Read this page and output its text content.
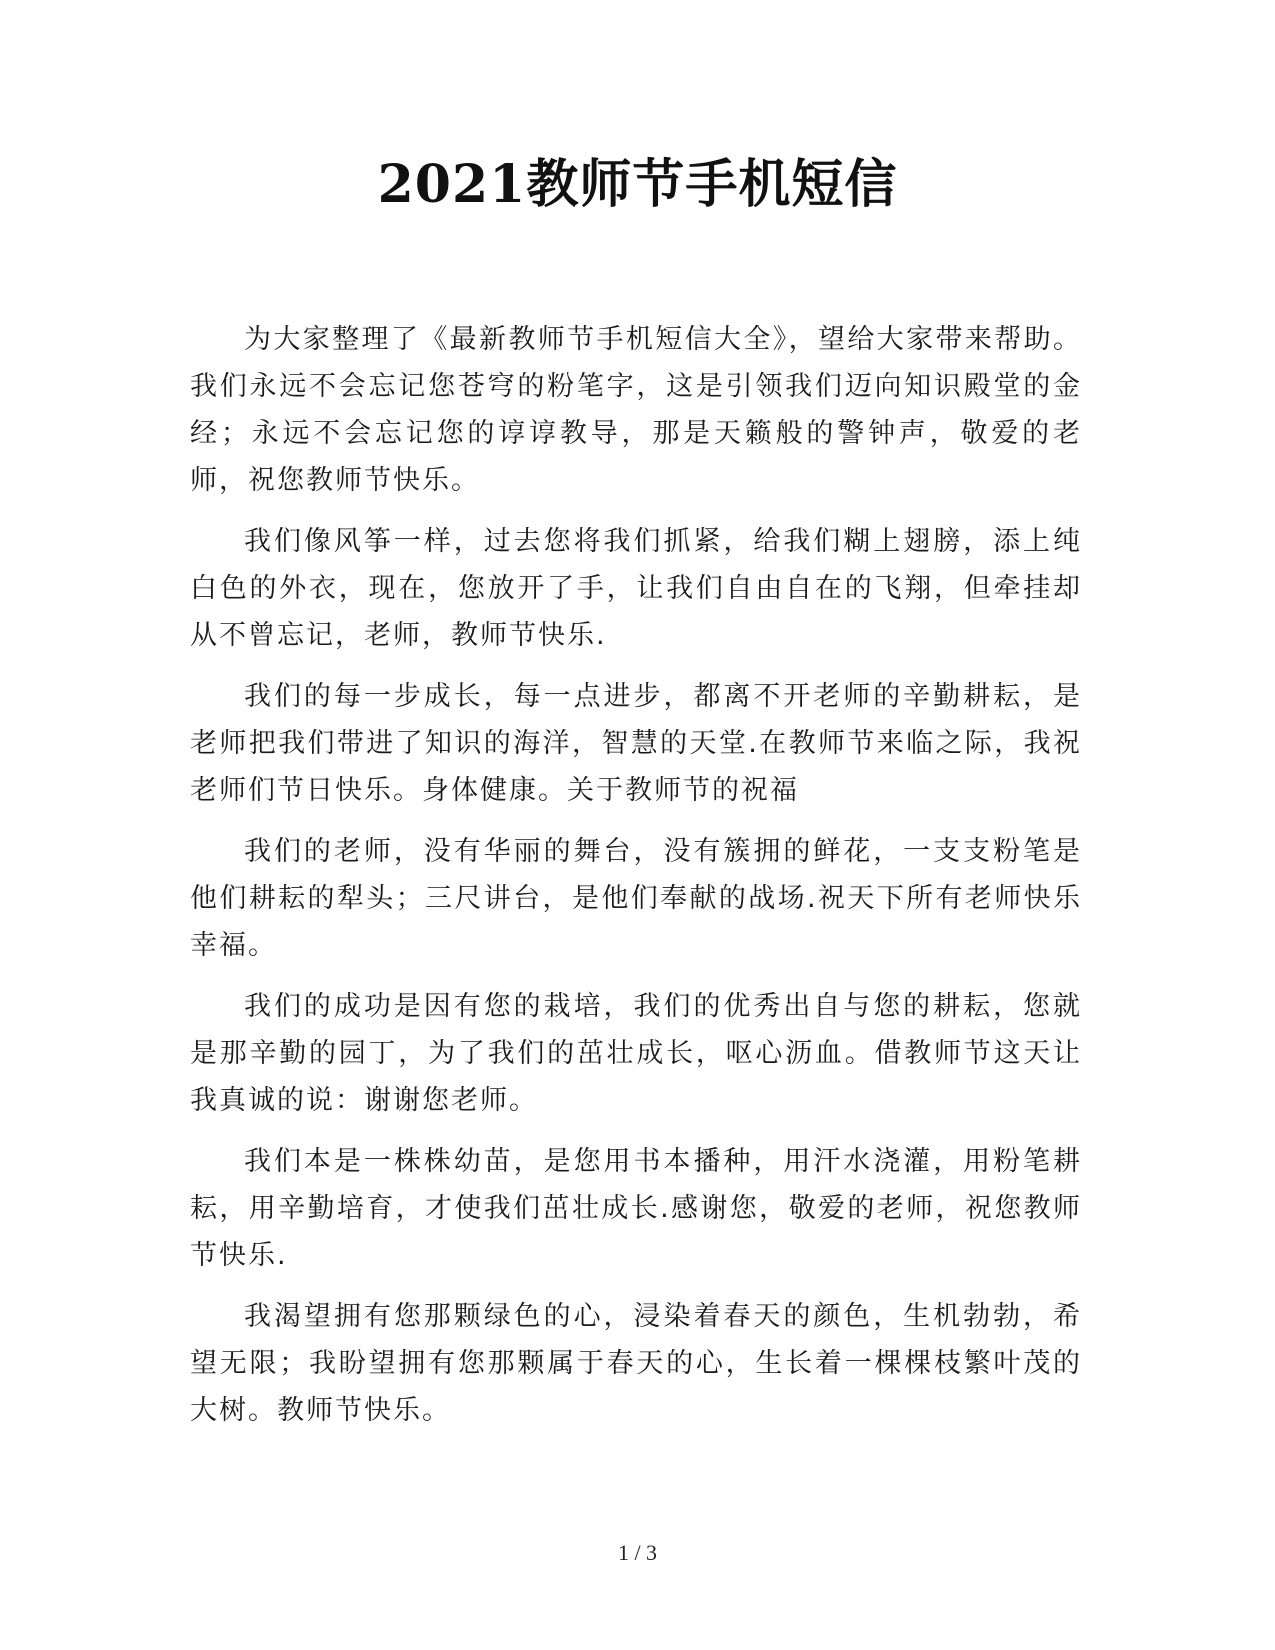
2021教师节手机短信

为大家整理了《最新教师节手机短信大全》，望给大家带来帮助。我们永远不会忘记您苍穹的粉笔字，这是引领我们迈向知识殿堂的金经；永远不会忘记您的谆谆教导，那是天籁般的警钟声，敬爱的老师，祝您教师节快乐。

我们像风筝一样，过去您将我们抓紧，给我们糊上翅膀，添上纯白色的外衣，现在，您放开了手，让我们自由自在的飞翔，但牵挂却从不曾忘记，老师，教师节快乐.

我们的每一步成长，每一点进步，都离不开老师的辛勤耕耘，是老师把我们带进了知识的海洋，智慧的天堂.在教师节来临之际，我祝老师们节日快乐。身体健康。关于教师节的祝福

我们的老师，没有华丽的舞台，没有簇拥的鲜花，一支支粉笔是他们耕耘的犁头；三尺讲台，是他们奉献的战场.祝天下所有老师快乐幸福。

我们的成功是因有您的栽培，我们的优秀出自与您的耕耘，您就是那辛勤的园丁，为了我们的茁壮成长，呕心沥血。借教师节这天让我真诚的说：谢谢您老师。

我们本是一株株幼苗，是您用书本播种，用汗水浇灌，用粉笔耕耘，用辛勤培育，才使我们茁壮成长.感谢您，敬爱的老师，祝您教师节快乐.

我渴望拥有您那颗绿色的心，浸染着春天的颜色，生机勃勃，希望无限；我盼望拥有您那颗属于春天的心，生长着一棵棵枝繁叶茂的大树。教师节快乐。

1 / 3
